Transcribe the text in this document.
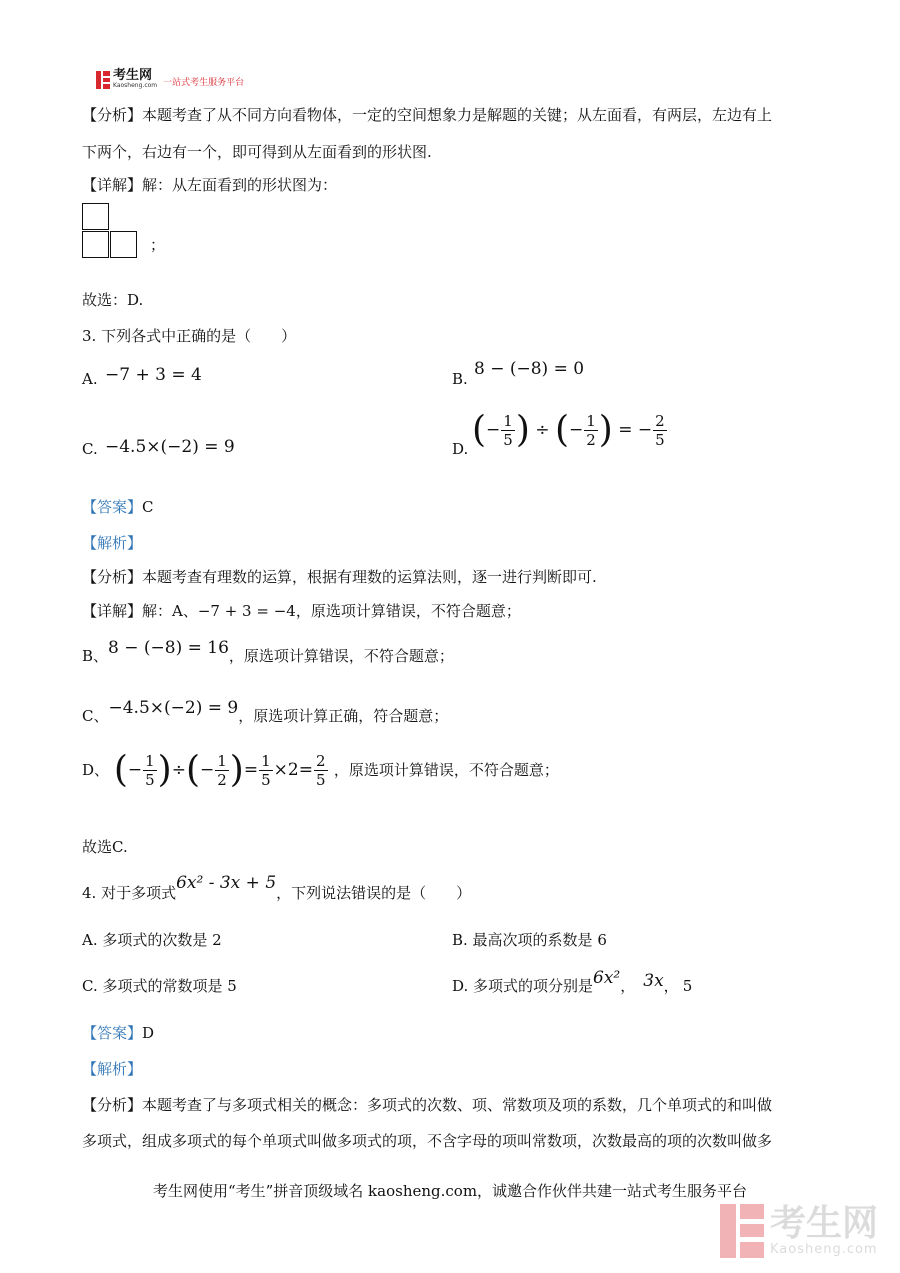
考生网
Kaosheng.com 一站式考生服务平台
【分析】本题考查了从不同方向看物体，一定的空间想象力是解题的关键；从左面看，有两层，左边有上
下两个，右边有一个，即可得到从左面看到的形状图.
【详解】解：从左面看到的形状图为：
；
故选：D.
3. 下列各式中正确的是（　　）
A. −7 + 3 = 4	B. 8 − (−8) = 0
C. −4.5×(−2) = 9	D. (− $\frac{1}{5}$ ) ÷ (− $\frac{1}{2}$ ) = − $\frac{2}{5}$
【答案】C
【解析】
【分析】本题考查有理数的运算，根据有理数的运算法则，逐一进行判断即可.
【详解】解：A、−7 + 3 = −4，原选项计算错误，不符合题意；
B、8 − (−8) = 16，原选项计算错误，不符合题意；
C、−4.5×(−2) = 9，原选项计算正确，符合题意；
D、 (− $\frac{1}{5}$ )÷(− $\frac{1}{2}$ )= $\frac{1}{5} \times 2= \frac{2}{5}$ ，原选项计算错误，不符合题意；
故选C.
4. 对于多项式6x² - 3x + 5，下列说法错误的是（　　）
A. 多项式的次数是 2	B. 最高次项的系数是 6
C. 多项式的常数项是 5	D. 多项式的项分别是6x²， 3x， 5
【答案】D
【解析】
【分析】本题考查了与多项式相关的概念：多项式的次数、项、常数项及项的系数，几个单项式的和叫做
多项式，组成多项式的每个单项式叫做多项式的项，不含字母的项叫常数项，次数最高的项的次数叫做多
考生网使用“考生”拼音顶级域名 kaosheng.com，诚邀合作伙伴共建一站式考生服务平台
考生网
Kaosheng.com
